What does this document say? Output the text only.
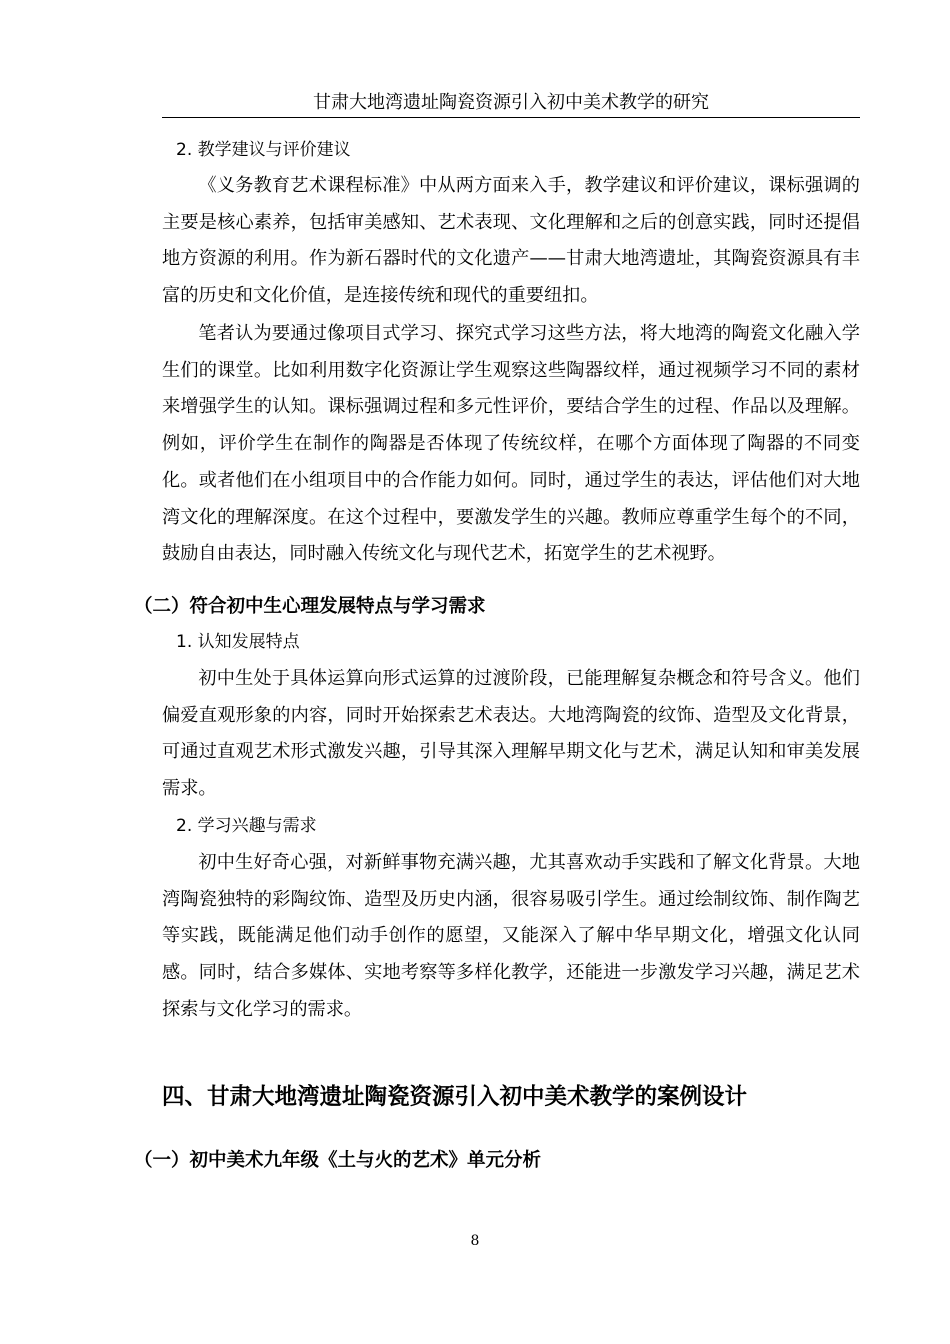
甘肃大地湾遗址陶瓷资源引入初中美术教学的研究
2. 教学建议与评价建议

《义务教育艺术课程标准》中从两方面来入手，教学建议和评价建议，课标强调的主要是核心素养，包括审美感知、艺术表现、文化理解和之后的创意实践，同时还提倡地方资源的利用。作为新石器时代的文化遗产——甘肃大地湾遗址，其陶瓷资源具有丰富的历史和文化价值，是连接传统和现代的重要纽扣。

笔者认为要通过像项目式学习、探究式学习这些方法，将大地湾的陶瓷文化融入学生们的课堂。比如利用数字化资源让学生观察这些陶器纹样，通过视频学习不同的素材来增强学生的认知。课标强调过程和多元性评价，要结合学生的过程、作品以及理解。例如，评价学生在制作的陶器是否体现了传统纹样，在哪个方面体现了陶器的不同变化。或者他们在小组项目中的合作能力如何。同时，通过学生的表达，评估他们对大地湾文化的理解深度。在这个过程中，要激发学生的兴趣。教师应尊重学生每个的不同，鼓励自由表达，同时融入传统文化与现代艺术，拓宽学生的艺术视野。

（二）符合初中生心理发展特点与学习需求
1. 认知发展特点

初中生处于具体运算向形式运算的过渡阶段，已能理解复杂概念和符号含义。他们偏爱直观形象的内容，同时开始探索艺术表达。大地湾陶瓷的纹饰、造型及文化背景，可通过直观艺术形式激发兴趣，引导其深入理解早期文化与艺术，满足认知和审美发展需求。

2. 学习兴趣与需求

初中生好奇心强，对新鲜事物充满兴趣，尤其喜欢动手实践和了解文化背景。大地湾陶瓷独特的彩陶纹饰、造型及历史内涵，很容易吸引学生。通过绘制纹饰、制作陶艺等实践，既能满足他们动手创作的愿望，又能深入了解中华早期文化，增强文化认同感。同时，结合多媒体、实地考察等多样化教学，还能进一步激发学习兴趣，满足艺术探索与文化学习的需求。

四、甘肃大地湾遗址陶瓷资源引入初中美术教学的案例设计
（一）初中美术九年级《土与火的艺术》单元分析
8
